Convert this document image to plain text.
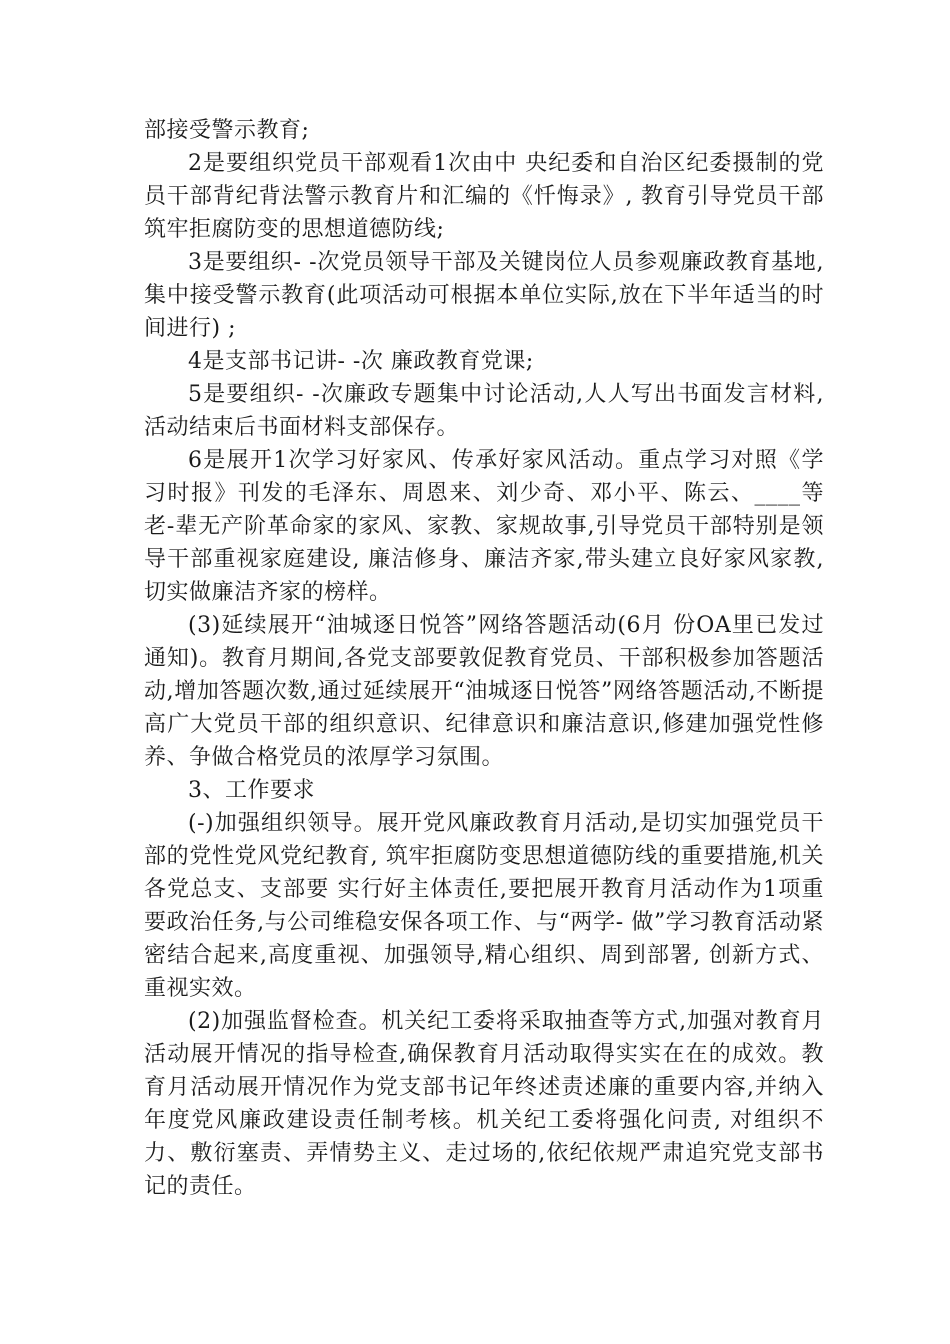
部接受警示教育;

2是要组织党员干部观看1次由中 央纪委和自治区纪委摄制的党员干部背纪背法警示教育片和汇编的《忏悔录》, 教育引导党员干部筑牢拒腐防变的思想道德防线;

3是要组织- -次党员领导干部及关键岗位人员参观廉政教育基地,集中接受警示教育(此项活动可根据本单位实际,放在下半年适当的时间进行) ;

4是支部书记讲- -次 廉政教育党课;

5是要组织- -次廉政专题集中讨论活动,人人写出书面发言材料,活动结束后书面材料支部保存。

6是展开1次学习好家风、传承好家风活动。重点学习对照《学习时报》刊发的毛泽东、周恩来、刘少奇、邓小平、陈云、____等老-辈无产阶革命家的家风、家教、家规故事,引导党员干部特别是领导干部重视家庭建设, 廉洁修身、廉洁齐家,带头建立良好家风家教,切实做廉洁齐家的榜样。

(3)延续展开“油城逐日悦答”网络答题活动(6月 份OA里已发过通知)。教育月期间,各党支部要敦促教育党员、干部积极参加答题活动,增加答题次数,通过延续展开“油城逐日悦答”网络答题活动,不断提高广大党员干部的组织意识、纪律意识和廉洁意识,修建加强党性修养、争做合格党员的浓厚学习氛围。

3、工作要求

(-)加强组织领导。展开党风廉政教育月活动,是切实加强党员干部的党性党风党纪教育, 筑牢拒腐防变思想道德防线的重要措施,机关各党总支、支部要 实行好主体责任,要把展开教育月活动作为1项重要政治任务,与公司维稳安保各项工作、与“两学- 做”学习教育活动紧密结合起来,高度重视、加强领导,精心组织、周到部署, 创新方式、重视实效。

(2)加强监督检查。机关纪工委将采取抽查等方式,加强对教育月活动展开情况的指导检查,确保教育月活动取得实实在在的成效。教育月活动展开情况作为党支部书记年终述责述廉的重要内容,并纳入年度党风廉政建设责任制考核。机关纪工委将强化问责, 对组织不力、敷衍塞责、弄情势主义、走过场的,依纪依规严肃追究党支部书记的责任。
